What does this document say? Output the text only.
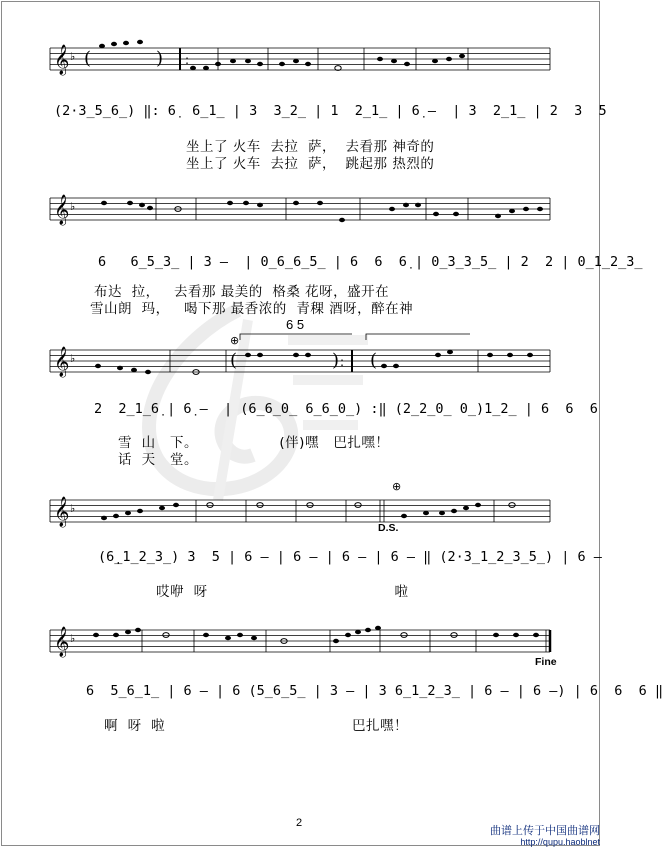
𝄞 ♭ (	) :
(2·3̲5̲6̲) ‖: 6̣  6̲1̲ | 3  3̲2̲ | 1  2̲1̲ | 6̣ –  | 3  2̲1̲ | 2  3  5
坐上了 火车  去拉  萨，  去看那 神奇的
坐上了 火车  去拉  萨，  跳起那 热烈的
𝄞 ♭
6   6̲5̲3̲ | 3 –  | 0̲6̲6̲5̲ | 6  6  6̣ | 0̲3̲3̲5̲ | 2  2 | 0̲1̲2̲3̲
布达  拉，   去看那 最美的  格桑 花呀，盛开在
雪山朗  玛，   喝下那 最香浓的  青稞 酒呀，醉在神
6 5
𝄞 ♭	(	) : (
⊕
2  2̲1̲6̣ | 6̣ –  | (6̲6̲0̲ 6̲6̲0̲) :‖ (2̲2̲0̲ 0̲)1̲2̲ | 6  6  6
雪  山   下。                 (伴)嘿   巴扎嘿！
话  天   堂。
𝄞 ♭
⊕
D.S.
(6̣̲1̲2̲3̲) 3  5 | 6 – | 6 – | 6 – | 6 – ‖ (2·3̲1̲2̲3̲5̲) | 6 –
哎咿  呀                                       啦
𝄞 ♭
Fine
6  5̲6̲1̲ | 6 – | 6 (5̲6̲5̲ | 3 – | 3 6̲1̲2̲3̲ | 6 – | 6 –) | 6  6  6 ‖
啊  呀  啦                                       巴扎嘿！
2
曲谱上传于中国曲谱网
http://qupu.haoblnet
